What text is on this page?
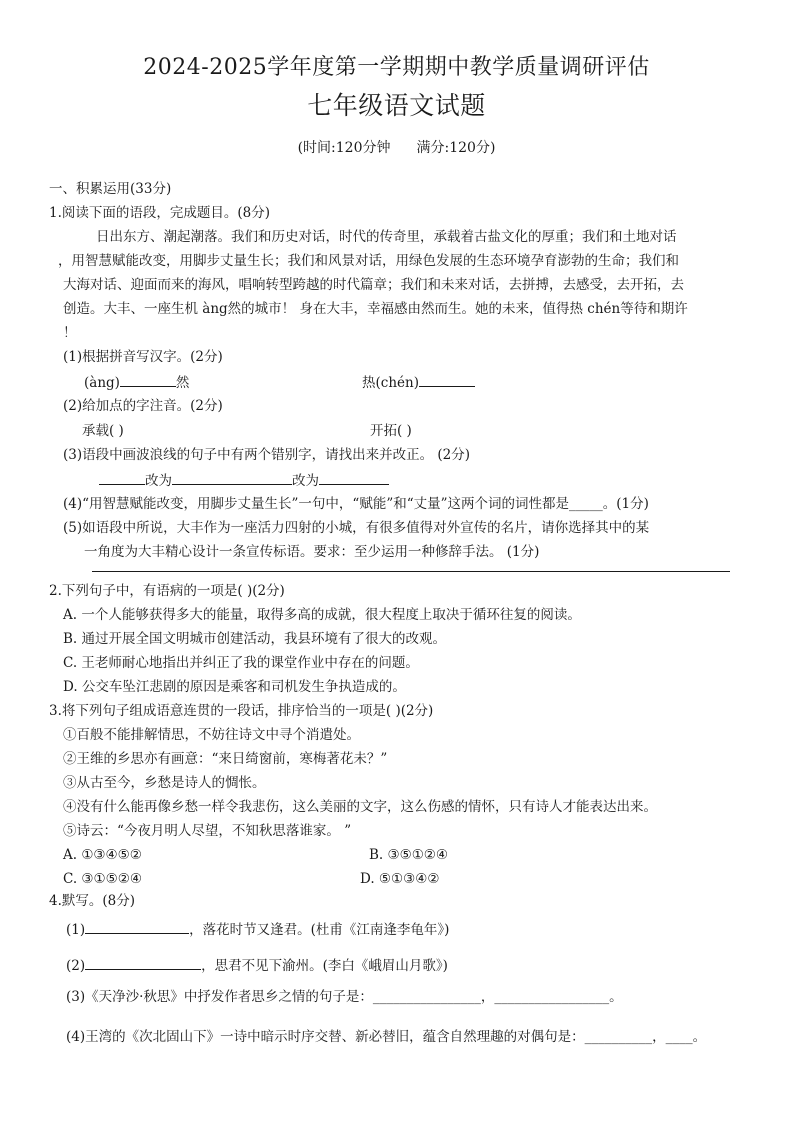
2024-2025学年度第一学期期中教学质量调研评估
七年级语文试题
(时间:120分钟 满分:120分)
一、积累运用(33分)
1.阅读下面的语段，完成题目。(8分)
日出东方、潮起潮落。我们和历史对话，时代的传奇里，承载着古盐文化的厚重；我们和土地对话
，用智慧赋能改变，用脚步丈量生长；我们和风景对话，用绿色发展的生态环境孕育澎勃的生命；我们和
大海对话、迎面而来的海风，唱响转型跨越的时代篇章；我们和未来对话，去拼搏，去感受，去开拓，去
创造。大丰、一座生机 àng然的城市！ 身在大丰，幸福感由然而生。她的未来，值得热 chén等待和期许
！
(1)根据拼音写汉字。(2分)
(àng)	然	热(chén)
(2)给加点的字注音。(2分)
承载( )	开拓( )
(3)语段中画波浪线的句子中有两个错别字，请找出来并改正。 (2分)
改为	改为
(4)“用智慧赋能改变，用脚步丈量生长”一句中，“赋能”和“丈量”这两个词的词性都是_____。(1分)
(5)如语段中所说，大丰作为一座活力四射的小城，有很多值得对外宣传的名片，请你选择其中的某
一角度为大丰精心设计一条宣传标语。要求：至少运用一种修辞手法。 (1分)
2.下列句子中，有语病的一项是( )(2分)
A. 一个人能够获得多大的能量，取得多高的成就，很大程度上取决于循环往复的阅读。
B. 通过开展全国文明城市创建活动，我县环境有了很大的改观。
C. 王老师耐心地指出并纠正了我的课堂作业中存在的问题。
D. 公交车坠江悲剧的原因是乘客和司机发生争执造成的。
3.将下列句子组成语意连贯的一段话，排序恰当的一项是( )(2分)
①百般不能排解情思，不妨往诗文中寻个消遣处。
②王维的乡思亦有画意：“来日绮窗前，寒梅著花未？”
③从古至今，乡愁是诗人的惆怅。
④没有什么能再像乡愁一样令我悲伤，这么美丽的文字，这么伤感的情怀，只有诗人才能表达出来。
⑤诗云：“今夜月明人尽望，不知秋思落谁家。 ”
A. ①③④⑤②	B. ③⑤①②④
C. ③①⑤②④	D. ⑤①③④②
4.默写。(8分)
(1)	，落花时节又逢君。(杜甫《江南逢李龟年》)
(2)	，思君不见下渝州。(李白《峨眉山月歌》)
(3)《天净沙·秋思》中抒发作者思乡之情的句子是：________________，_________________。
(4)王湾的《次北固山下》一诗中暗示时序交替、新必替旧，蕴含自然理趣的对偶句是：__________，____。
